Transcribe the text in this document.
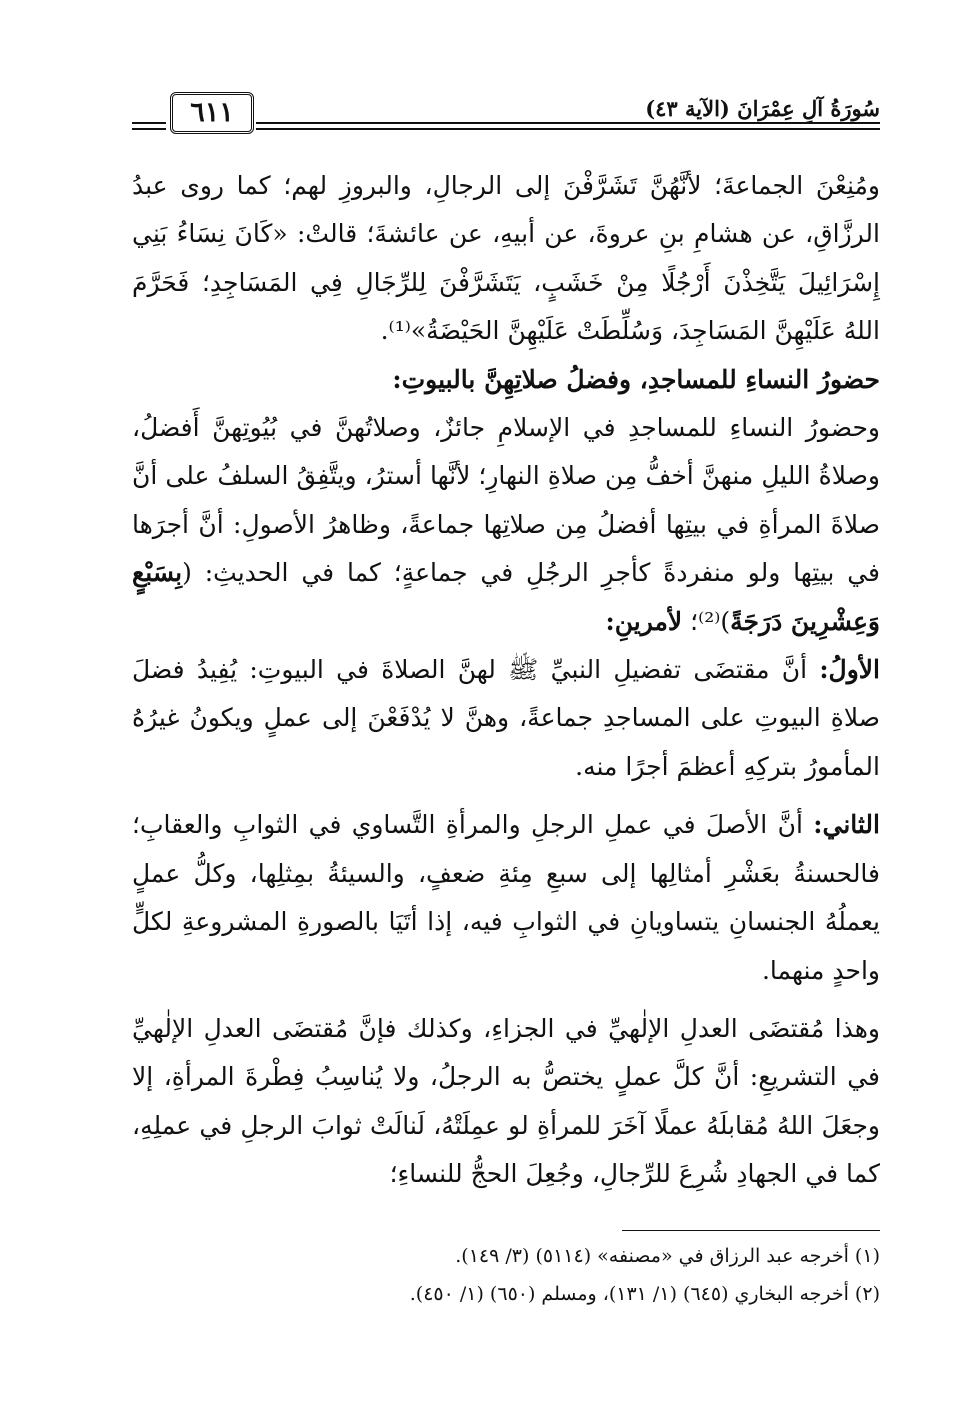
سُورَةُ آلِ عِمْرَانَ (الآية ٤٣)
٦١١

ومُنِعْنَ الجماعةَ؛ لأنَّهُنَّ تَشَرَّفْنَ إلى الرجالِ، والبروزِ لهم؛ كما روى عبدُ الرزَّاقِ، عن هشامِ بنِ عروةَ، عن أبيهِ، عن عائشةَ؛ قالتْ: «كَانَ نِسَاءُ بَنِي إِسْرَائِيلَ يَتَّخِذْنَ أَرْجُلًا مِنْ خَشَبٍ، يَتَشَرَّفْنَ لِلرِّجَالِ فِي المَسَاجِدِ؛ فَحَرَّمَ اللهُ عَلَيْهِنَّ المَسَاجِدَ، وَسُلِّطَتْ عَلَيْهِنَّ الحَيْضَةُ»⁽¹⁾.

حضورُ النساءِ للمساجدِ، وفضلُ صلاتِهِنَّ بالبيوتِ:

وحضورُ النساءِ للمساجدِ في الإسلامِ جائزٌ، وصلاتُهنَّ في بُيُوتِهنَّ أَفضلُ، وصلاةُ الليلِ منهنَّ أخفُّ مِن صلاةِ النهارِ؛ لأنَّها أسترُ، ويتَّفِقُ السلفُ على أنَّ صلاةَ المرأةِ في بيتِها أفضلُ مِن صلاتِها جماعةً، وظاهرُ الأصولِ: أنَّ أجرَها في بيتِها ولو منفردةً كأجرِ الرجُلِ في جماعةٍ؛ كما في الحديثِ: (بِسَبْعٍ وَعِشْرِينَ دَرَجَةً)⁽²⁾؛ لأمرينِ:

الأولُ: أنَّ مقتضَى تفضيلِ النبيِّ ﷺ لهنَّ الصلاةَ في البيوتِ: يُفِيدُ فضلَ صلاةِ البيوتِ على المساجدِ جماعةً، وهنَّ لا يُدْفَعْنَ إلى عملٍ ويكونُ غيرُهُ المأمورُ بتركِهِ أعظمَ أجرًا منه.

الثاني: أنَّ الأصلَ في عملِ الرجلِ والمرأةِ التَّساوي في الثوابِ والعقابِ؛ فالحسنةُ بعَشْرِ أمثالِها إلى سبعِ مِئةِ ضعفٍ، والسيئةُ بمِثلِها، وكلُّ عملٍ يعملُهُ الجنسانِ يتساويانِ في الثوابِ فيه، إذا أتَيَا بالصورةِ المشروعةِ لكلٍّ واحدٍ منهما.

وهذا مُقتضَى العدلِ الإلٰهيِّ في الجزاءِ، وكذلك فإنَّ مُقتضَى العدلِ الإلٰهيِّ في التشريعِ: أنَّ كلَّ عملٍ يختصُّ به الرجلُ، ولا يُناسِبُ فِطْرةَ المرأةِ، إلا وجعَلَ اللهُ مُقابلَهُ عملًا آخَرَ للمرأةِ لو عمِلَتْهُ، لَنالَتْ ثوابَ الرجلِ في عملِهِ، كما في الجهادِ شُرِعَ للرِّجالِ، وجُعِلَ الحجُّ للنساءِ؛

(١) أخرجه عبد الرزاق في «مصنفه» (٥١١٤) (٣/ ١٤٩).

(٢) أخرجه البخاري (٦٤٥) (١/ ١٣١)، ومسلم (٦٥٠) (١/ ٤٥٠).
